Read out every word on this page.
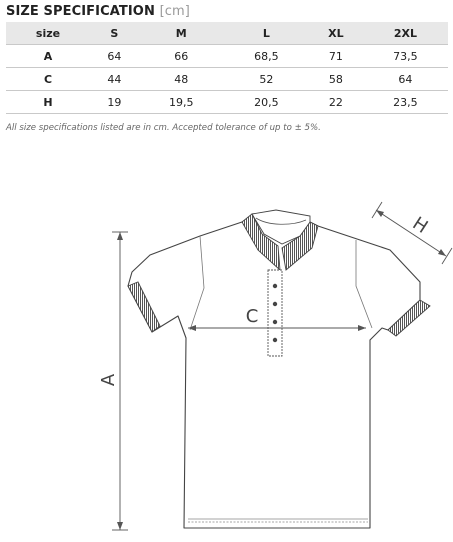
SIZE SPECIFICATION [cm]
size	S	M	L	XL	2XL
A	64	66	68,5	71	73,5
C	44	48	52	58	64
H	19	19,5	20,5	22	23,5
All size specifications listed are in cm. Accepted tolerance of up to ± 5%.
A
C
H
